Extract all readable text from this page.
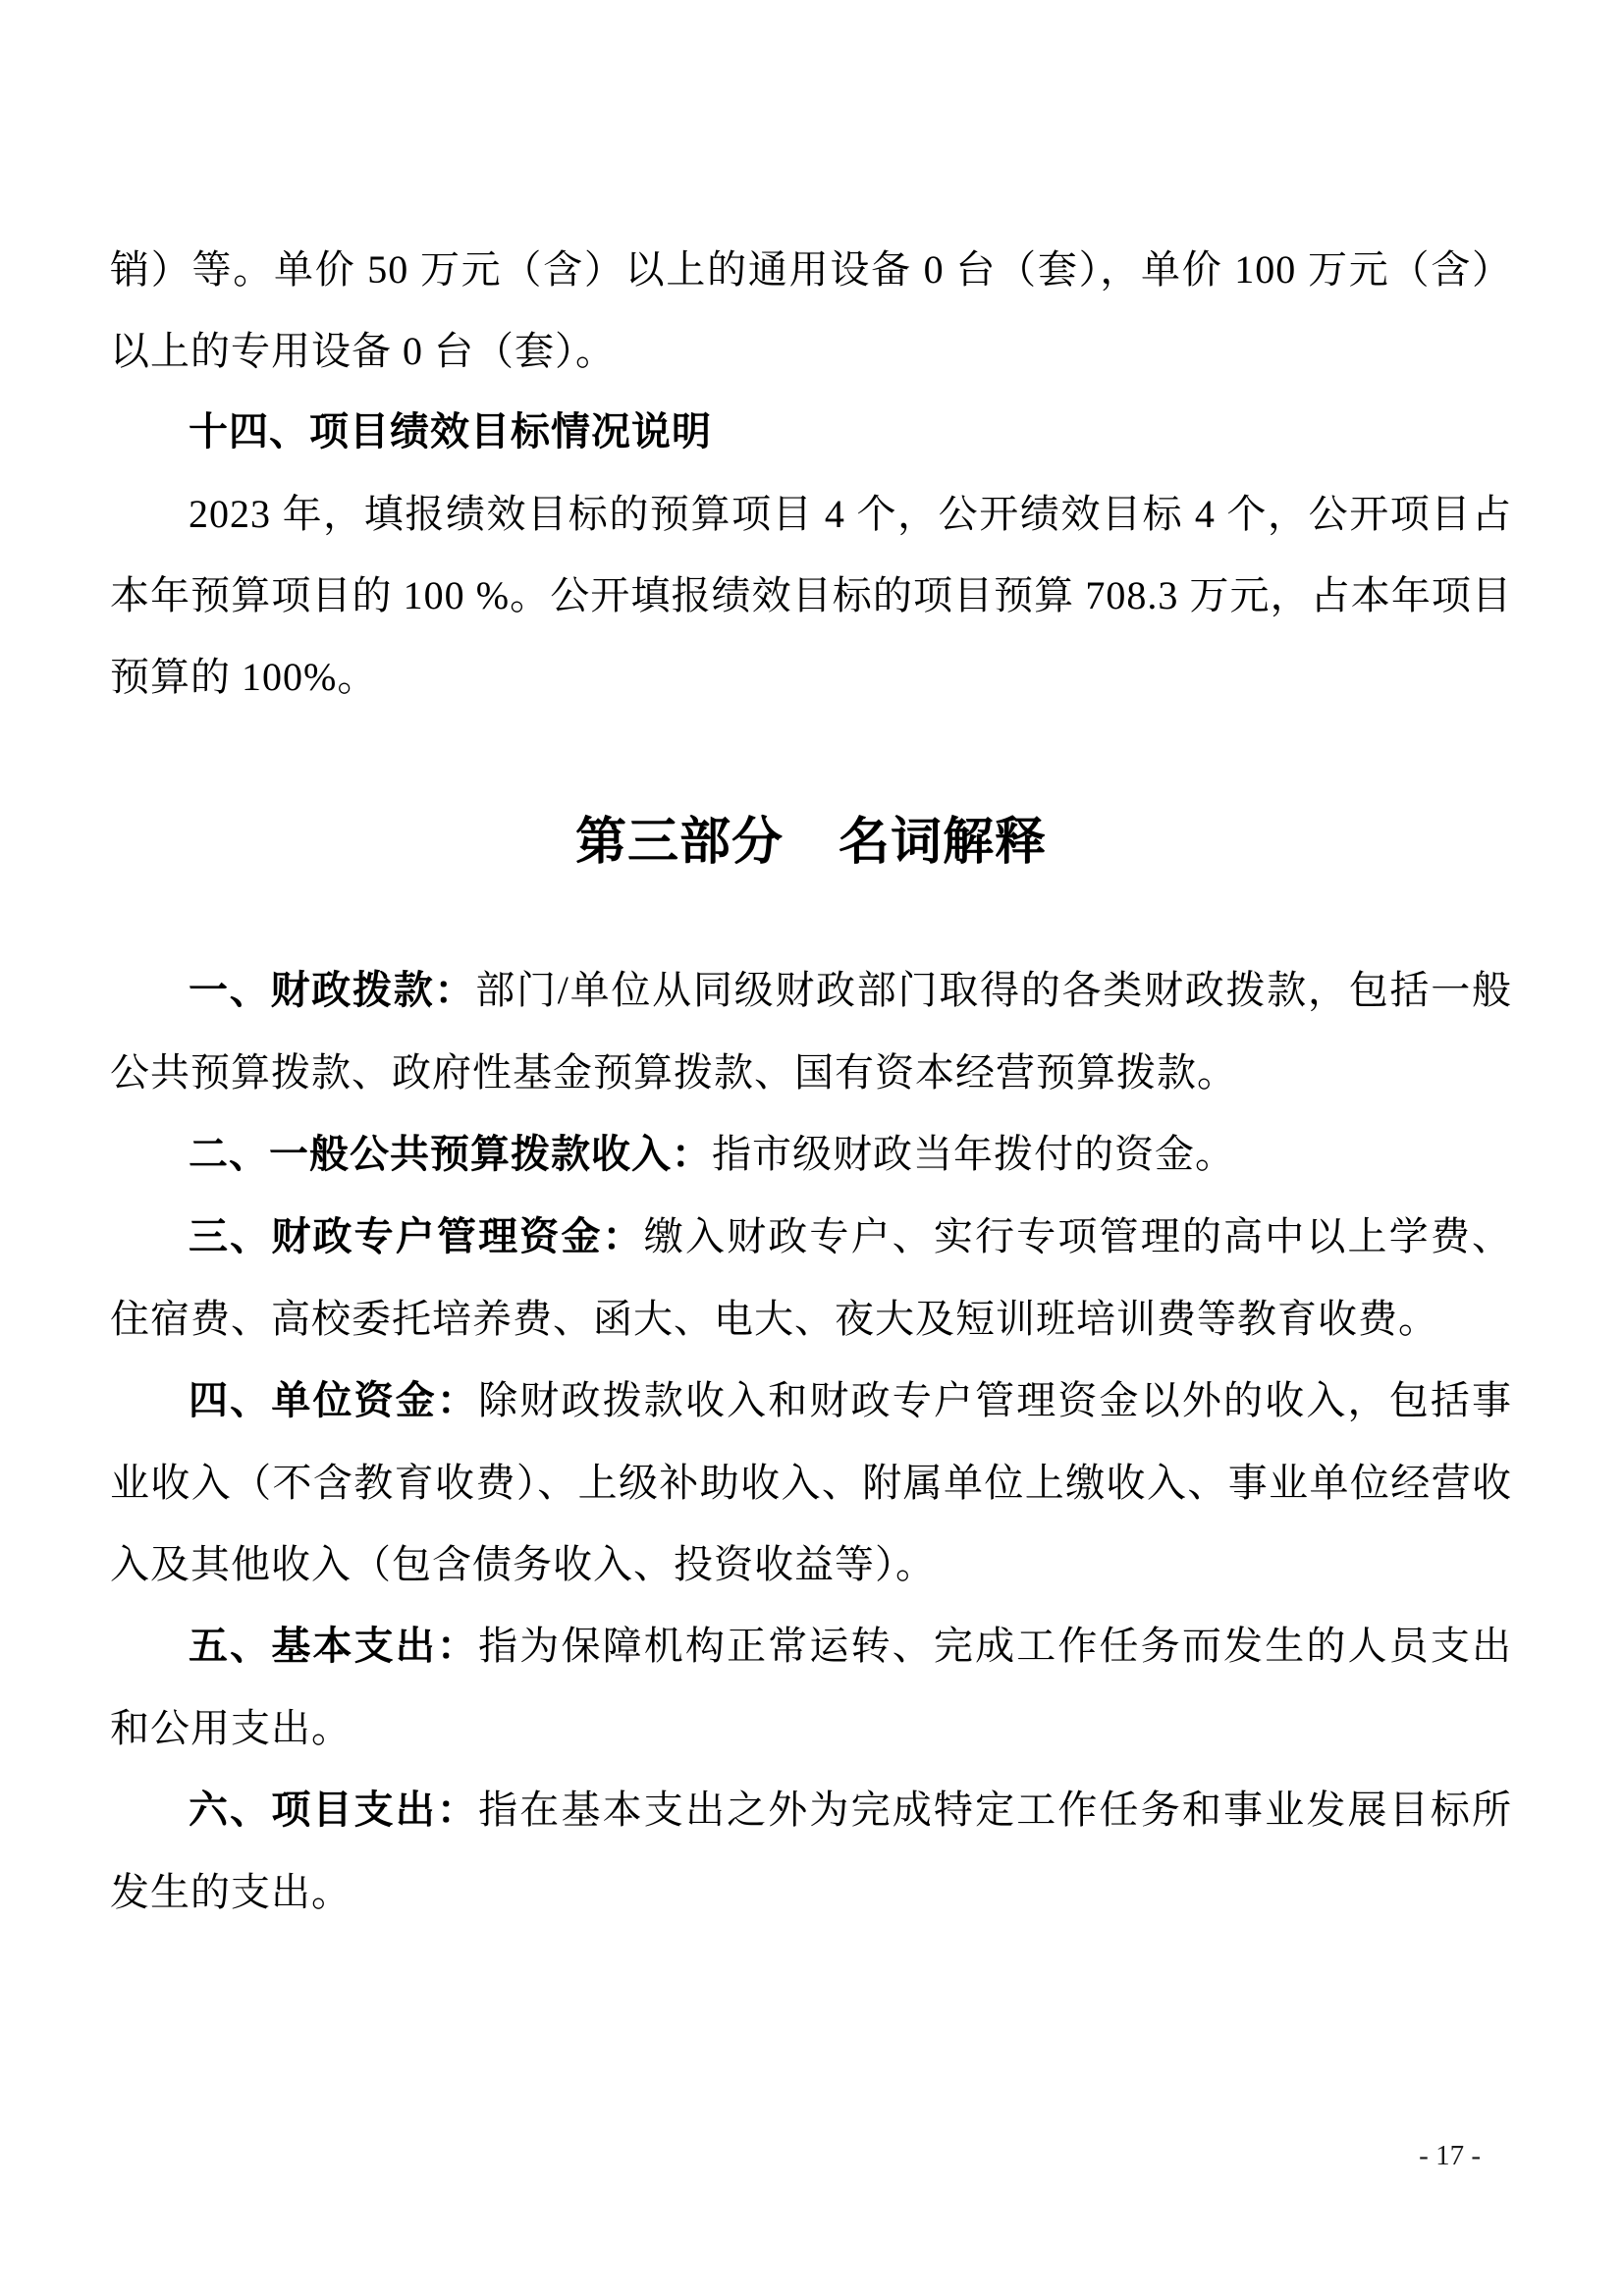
销）等。单价 50 万元（含）以上的通用设备 0 台（套），单价 100 万元（含）以上的专用设备 0 台（套）。

十四、项目绩效目标情况说明

2023 年，填报绩效目标的预算项目 4 个，公开绩效目标 4 个，公开项目占本年预算项目的 100 %。公开填报绩效目标的项目预算 708.3 万元，占本年项目预算的 100%。

第三部分 名词解释

一、财政拨款：部门/单位从同级财政部门取得的各类财政拨款，包括一般公共预算拨款、政府性基金预算拨款、国有资本经营预算拨款。

二、一般公共预算拨款收入：指市级财政当年拨付的资金。

三、财政专户管理资金：缴入财政专户、实行专项管理的高中以上学费、住宿费、高校委托培养费、函大、电大、夜大及短训班培训费等教育收费。

四、单位资金：除财政拨款收入和财政专户管理资金以外的收入，包括事业收入（不含教育收费）、上级补助收入、附属单位上缴收入、事业单位经营收入及其他收入（包含债务收入、投资收益等）。

五、基本支出：指为保障机构正常运转、完成工作任务而发生的人员支出和公用支出。

六、项目支出：指在基本支出之外为完成特定工作任务和事业发展目标所发生的支出。

- 17 -
